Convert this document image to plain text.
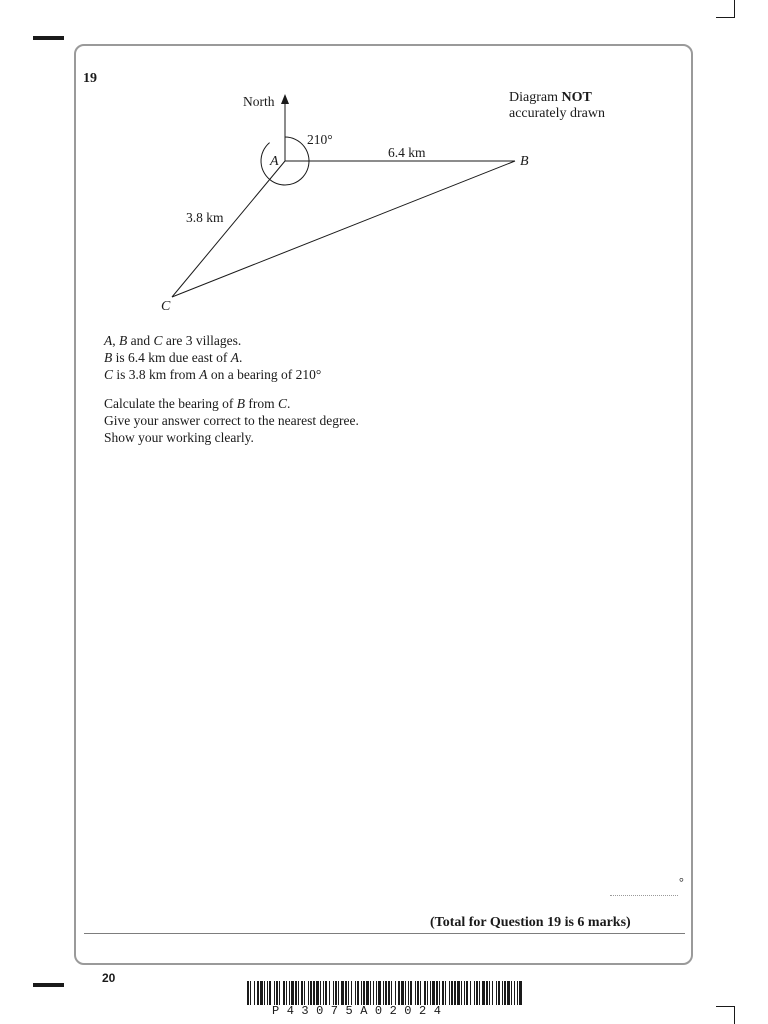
19
Diagram NOT
accurately drawn
North
210°
6.4 km
3.8 km
A	B
C

A, B and C are 3 villages.

B is 6.4 km due east of A.

C is 3.8 km from A on a bearing of 210°

Calculate the bearing of B from C.

Give your answer correct to the nearest degree.

Show your working clearly.

°
(Total for Question 19 is 6 marks)
20
P43075A02024
